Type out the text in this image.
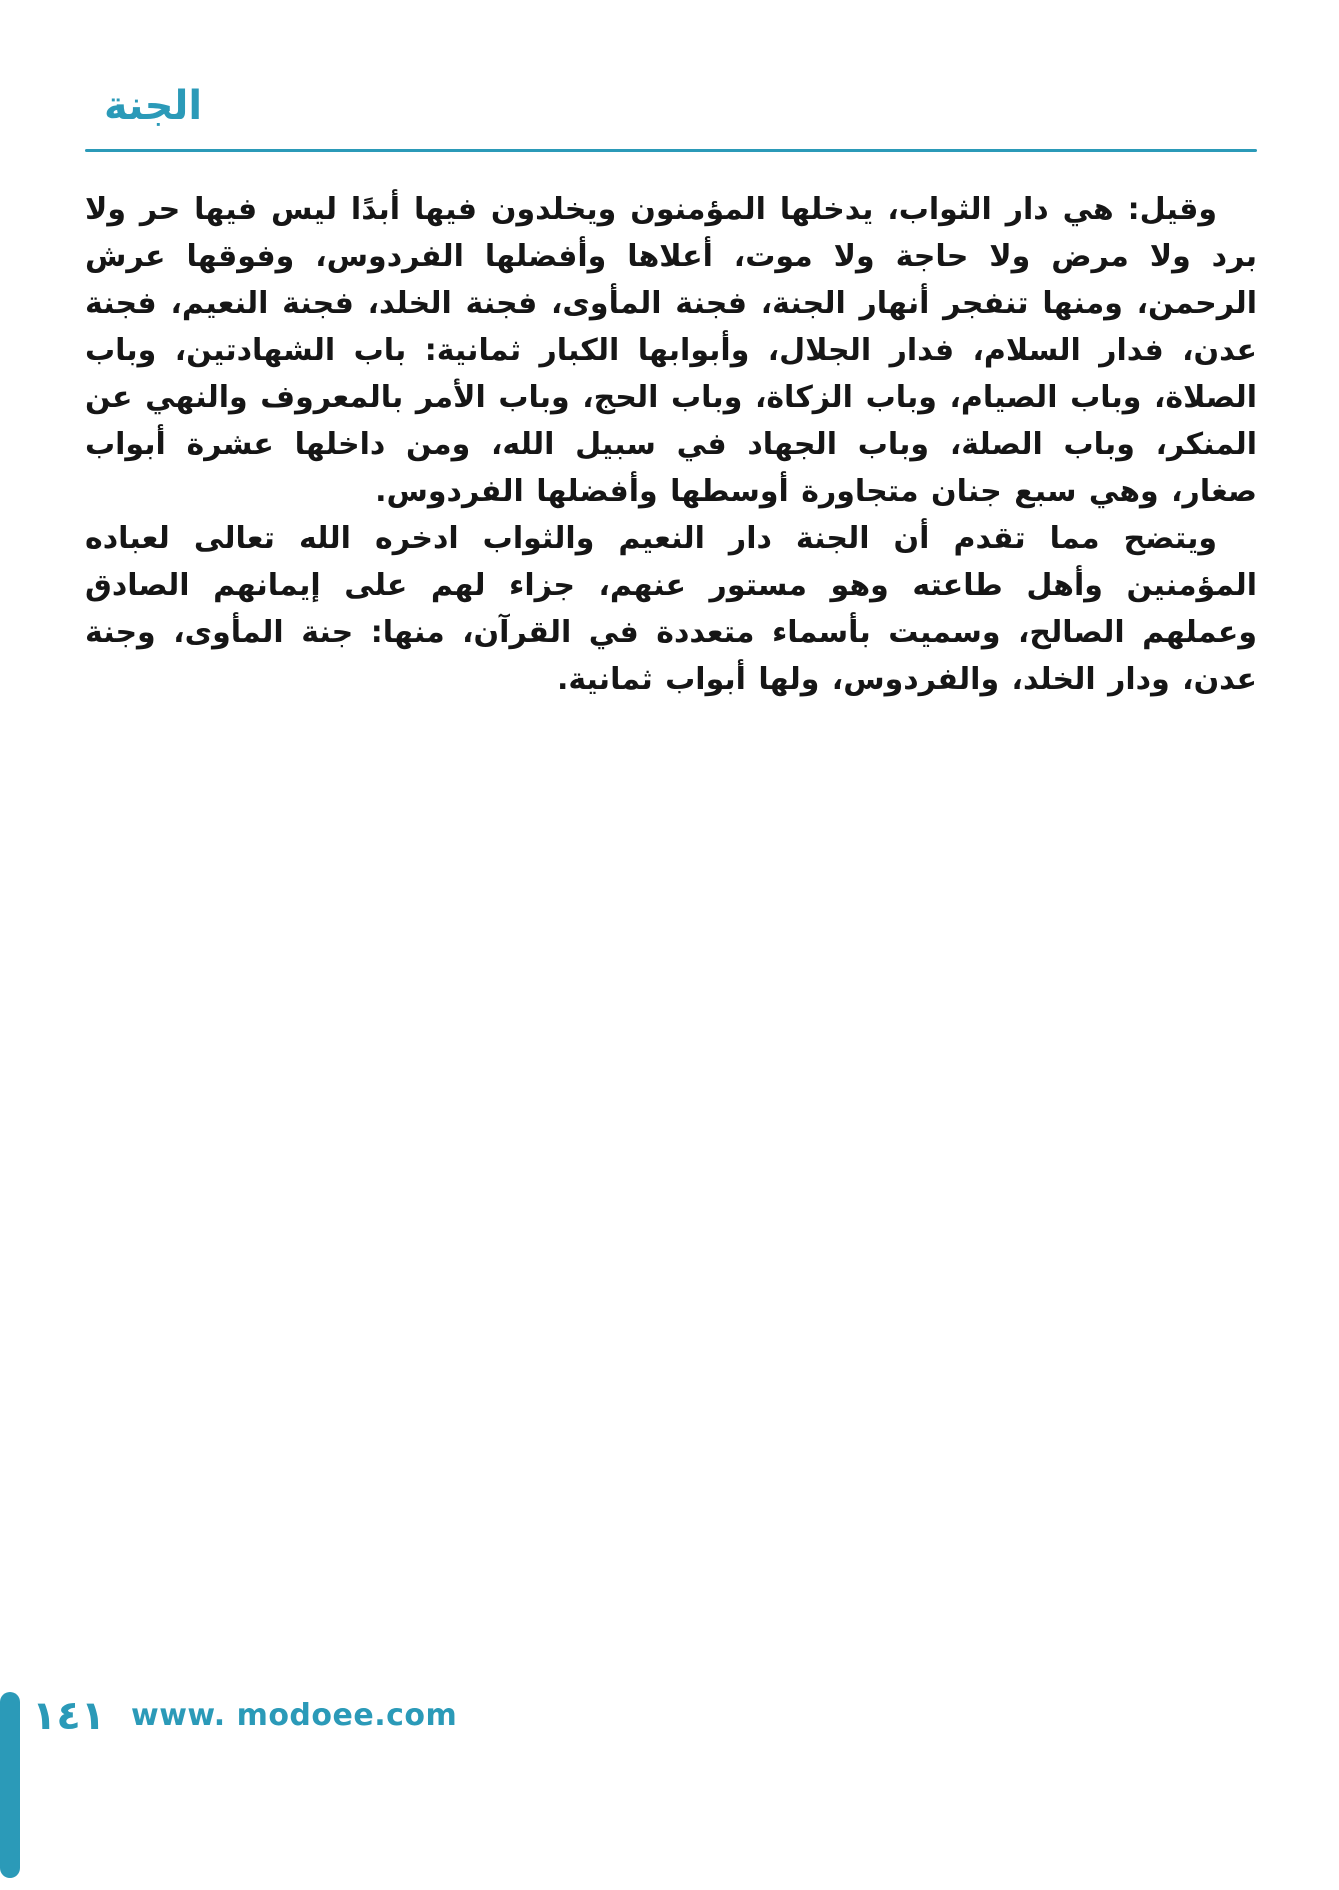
الجنة

وقيل: هي دار الثواب، يدخلها المؤمنون ويخلدون فيها أبدًا ليس فيها حر ولا برد ولا مرض ولا حاجة ولا موت، أعلاها وأفضلها الفردوس، وفوقها عرش الرحمن، ومنها تنفجر أنهار الجنة، فجنة المأوى، فجنة الخلد، فجنة النعيم، فجنة عدن، فدار السلام، فدار الجلال، وأبوابها الكبار ثمانية: باب الشهادتين، وباب الصلاة، وباب الصيام، وباب الزكاة، وباب الحج، وباب الأمر بالمعروف والنهي عن المنكر، وباب الصلة، وباب الجهاد في سبيل الله، ومن داخلها عشرة أبواب صغار، وهي سبع جنان متجاورة أوسطها وأفضلها الفردوس.

ويتضح مما تقدم أن الجنة دار النعيم والثواب ادخره الله تعالى لعباده المؤمنين وأهل طاعته وهو مستور عنهم، جزاء لهم على إيمانهم الصادق وعملهم الصالح، وسميت بأسماء متعددة في القرآن، منها: جنة المأوى، وجنة عدن، ودار الخلد، والفردوس، ولها أبواب ثمانية.

١٤١ www. modoee.com
